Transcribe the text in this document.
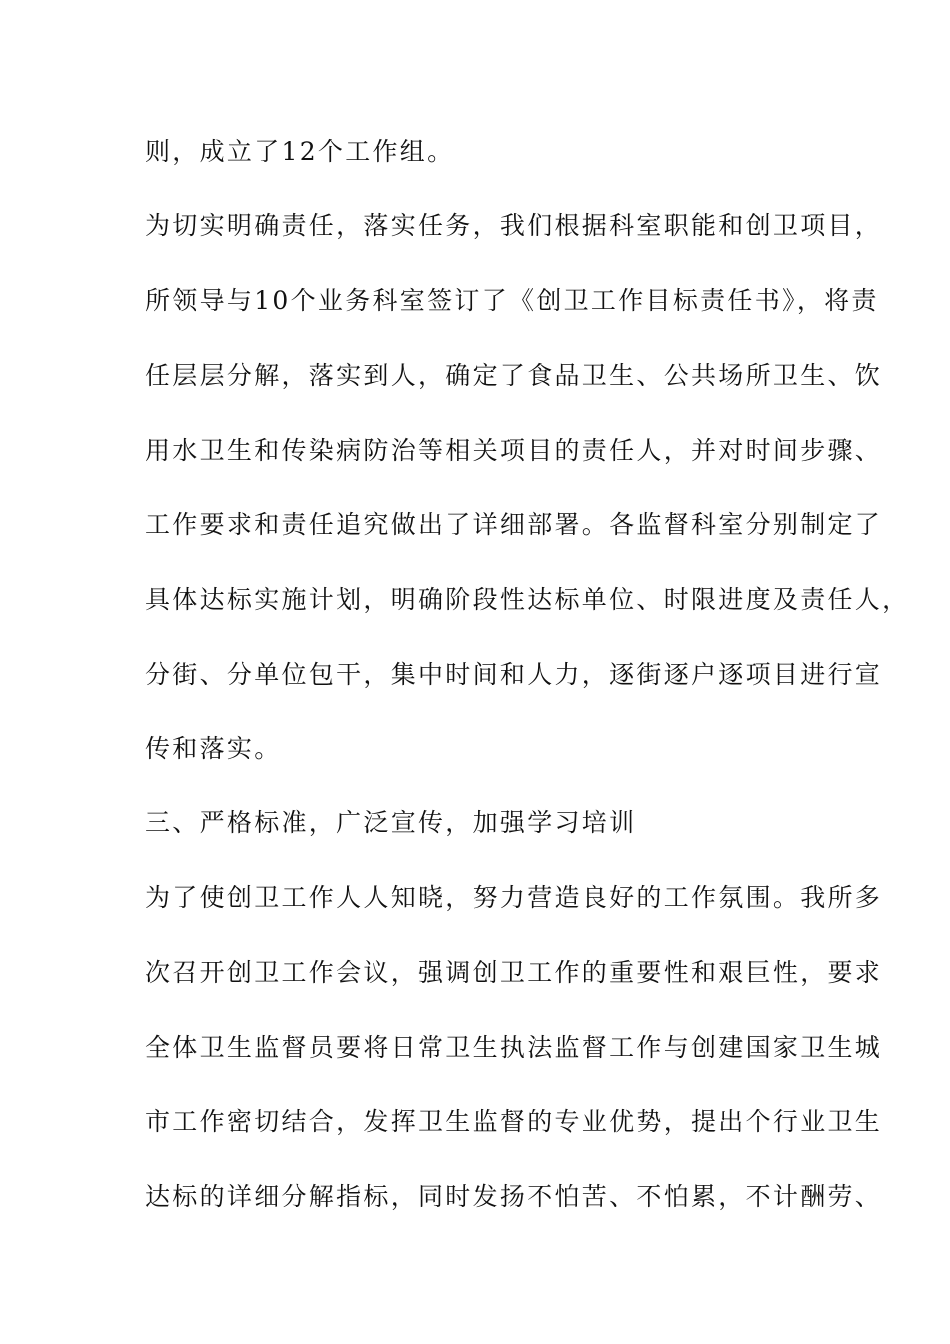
则，成立了12个工作组。

为切实明确责任，落实任务，我们根据科室职能和创卫项目，

所领导与10个业务科室签订了《创卫工作目标责任书》，将责

任层层分解，落实到人，确定了食品卫生、公共场所卫生、饮

用水卫生和传染病防治等相关项目的责任人，并对时间步骤、

工作要求和责任追究做出了详细部署。各监督科室分别制定了

具体达标实施计划，明确阶段性达标单位、时限进度及责任人，

分街、分单位包干，集中时间和人力，逐街逐户逐项目进行宣

传和落实。

三、严格标准，广泛宣传，加强学习培训

为了使创卫工作人人知晓，努力营造良好的工作氛围。我所多

次召开创卫工作会议，强调创卫工作的重要性和艰巨性，要求

全体卫生监督员要将日常卫生执法监督工作与创建国家卫生城

市工作密切结合，发挥卫生监督的专业优势，提出个行业卫生

达标的详细分解指标，同时发扬不怕苦、不怕累，不计酬劳、
